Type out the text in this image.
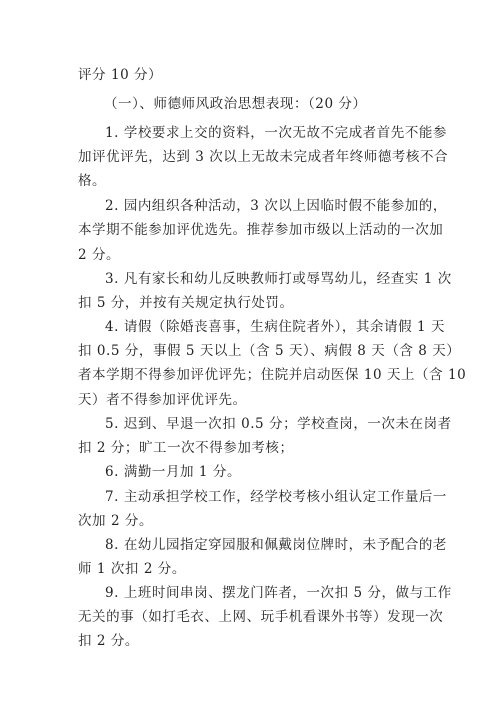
评分 10 分）
（一）、师德师风政治思想表现：（20 分）
1. 学校要求上交的资料，一次无故不完成者首先不能参
加评优评先，达到 3 次以上无故未完成者年终师德考核不合
格。
2. 园内组织各种活动，3 次以上因临时假不能参加的，
本学期不能参加评优选先。推荐参加市级以上活动的一次加
2 分。
3. 凡有家长和幼儿反映教师打或辱骂幼儿，经查实 1 次
扣 5 分，并按有关规定执行处罚。
4. 请假（除婚丧喜事，生病住院者外），其余请假 1 天
扣 0.5 分，事假 5 天以上（含 5 天）、病假 8 天（含 8 天）
者本学期不得参加评优评先；住院并启动医保 10 天上（含 10
天）者不得参加评优评先。
5. 迟到、早退一次扣 0.5 分；学校查岗，一次未在岗者
扣 2 分；旷工一次不得参加考核；
6. 满勤一月加 1 分。
7. 主动承担学校工作，经学校考核小组认定工作量后一
次加 2 分。
8. 在幼儿园指定穿园服和佩戴岗位牌时，未予配合的老
师 1 次扣 2 分。
9. 上班时间串岗、摆龙门阵者，一次扣 5 分，做与工作
无关的事（如打毛衣、上网、玩手机看课外书等）发现一次
扣 2 分。
